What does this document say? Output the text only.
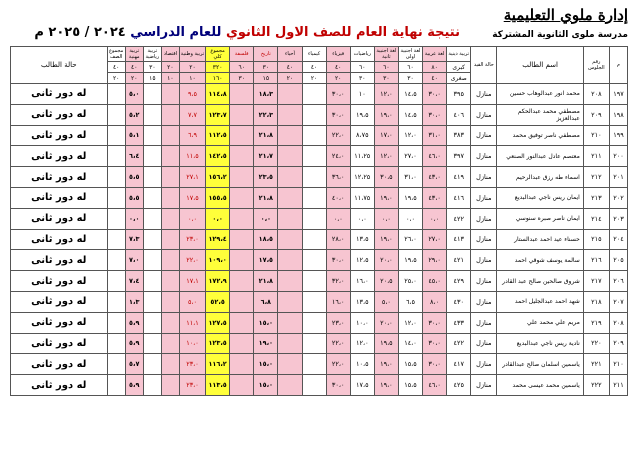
إدارة ملوي التعليمية
مدرسة ملوى الثانوية المشتركة
نتيجة نهاية العام للصف الاول الثانوي للعام الدراسي ٢٠٢٤ / ٢٠٢٥ م
م	رقم الجلوس	اسم الطالب	حالة القيد	تربية دينية	لغة عربية	لغة اجنبية اولى	لغة اجنبية ثانية	رياضيات	فيزياء	كيمياء	أحياء	تاريخ	فلسفة	مجموع كلي	تربية وطنية	اقتصاد	تربية رياضية	تربية مهنية	مجموع الصف	حالة الطالب
				كبرى	٨٠	٦٠	٦٠	٦٠	٤٠	٤٠	٤٠	٣٠	٦٠	٣٢٠	٢٠	٢٠	٣٠	٤٠	٤٠	
				صغرى	٤٠	٣٠	٣٠	٣٠	٢٠	٢٠	٢٠	١٥	٣٠	١٦٠	١٠	١٠	١٥	٢٠	٢٠	
١٩٧	٢٠٨	محمد انور عبدالوهاب حسين	منازل	٣٩٥	٣٠،٠	١٤،٥	١٢،٠	١٠	٣٠،٠			١٨،٣		١١٤،٨	٩،٥			٥،٠		له دور ثانى
١٩٨	٢٠٩	مصطفي محمد عبدالحكم عبدالعزيز	منازل	٤٠٦	٣٠،٠	١٤،٥	١٩،٠	١٩،٥	٣٠،٠			٢٢،٣		١٢٣،٧	٧،٧			٥،٢		له دور ثانى
١٩٩	٢١٠	مصطفي ناصر توفيق محمد	منازل	٣٨٣	٣١،٠	١٢،٠	١٧،٠	٨،٧٥	٢٢،٠			٢١،٨		١١٢،٥	٦،٩			٥،١		له دور ثانى
٢٠٠	٢١١	معتصم عادل عبدالنور الصنعي	منازل	٣٩٧	٤٦،٠	٢٧،٠	١٢،٠	١١،٢٥	٢٤،٠			٢١،٧		١٤٢،٥	١١،٥			٦،٤		له دور ثانى
٢٠١	٢١٢	اسماء طه رزق عبدالرحيم	منازل	٤١٩	٤٣،٠	٣١،٠	٣٠،٥	١٢،٢٥	٣٦،٠			٢٣،٥		١٥٦،٢	٢٧،١			٥،٥		له دور ثانى
٢٠٢	٢١٣	ايمان ريس ناجي عبدالبديع	منازل	٤١٦	٤٣،٠	١٩،٥	١٩،٠	١١،٧٥	٤٠،٠			٢١،٨		١٥٥،٥	١٧،٥			٥،٥		له دور ثانى
٢٠٣	٢١٤	ايمان ناصر صبره سنوسي	منازل	٤٢٢	٠،٠	٠،٠	٠،٠	٠،٠	٠،٠			٠،٠		٠،٠	٠،٠			٠،٠		له دور ثانى
٢٠٤	٢١٥	حسناء عيد احمد عبدالستار	منازل	٤١٣	٢٧،٠	٢٦،٠	١٩،٠	١٣،٥	٢٨،٠			١٨،٥		١٢٩،٤	٢٣،٠			٧،٣		له دور ثانى
٢٠٥	٢١٦	سالمة يوسف شوقي احمد	منازل	٤٢١	٢٩،٠	١٩،٥	٢٠،٠	١٢،٥	٣٠،٠			١٧،٥		١٠٩،٠	٢٢،٠			٧،٠		له دور ثانى
٢٠٦	٢١٧	شروق صالحين صالح عبد القادر	منازل	٤٢٩	٤٥،٠	٢٥،٠	٢٠،٥	١٦،٠	٣٢،٠			٢١،٨		١٧٢،٩	١٧،١			٧،٤		له دور ثانى
٢٠٧	٢١٨	شهد احمد عبدالجليل احمد	منازل	٤٣٠	٨،٠	٦،٥	٥،٠	١٣،٥	١٦،٠			٦،٨		٥٢،٥	٥،٠			١،٣		له دور ثانى
٢٠٨	٢١٩	مريم علي محمد علي	منازل	٤٣٣	٣٠،٠	١٢،٠	٢٠،٠	١٠،٠	٢٣،٠			١٥،٠		١٢٧،٥	١١،١			٥،٩		له دور ثانى
٢٠٩	٢٢٠	نادية ريس ناجي عبدالبديع	منازل	٤٢٢	٣٠،٠	١٤،٠	١٩،٥	١٢،٠	٢٢،٠			١٩،٠		١٢٣،٥	١٠،٠			٥،٩		له دور ثانى
٢١٠	٢٢١	ياسمين اسلمان صالح عبدالقادر	منازل	٤١٧	٣٠،٠	١٥،٥	١٩،٠	١٠،٥	٢٢،٠			١٥،٠		١١٦،٢	٢٣،٠			٥،٧		له دور ثانى
٢١١	٢٢٢	ياسمين محمد عيسى محمد	منازل	٤٢٥	٤٦،٠	١٥،٥	١٩،٠	١٧،٥	٣٠،٠			١٥،٠		١١٣،٥	٢٣،٠			٥،٩		له دور ثانى
